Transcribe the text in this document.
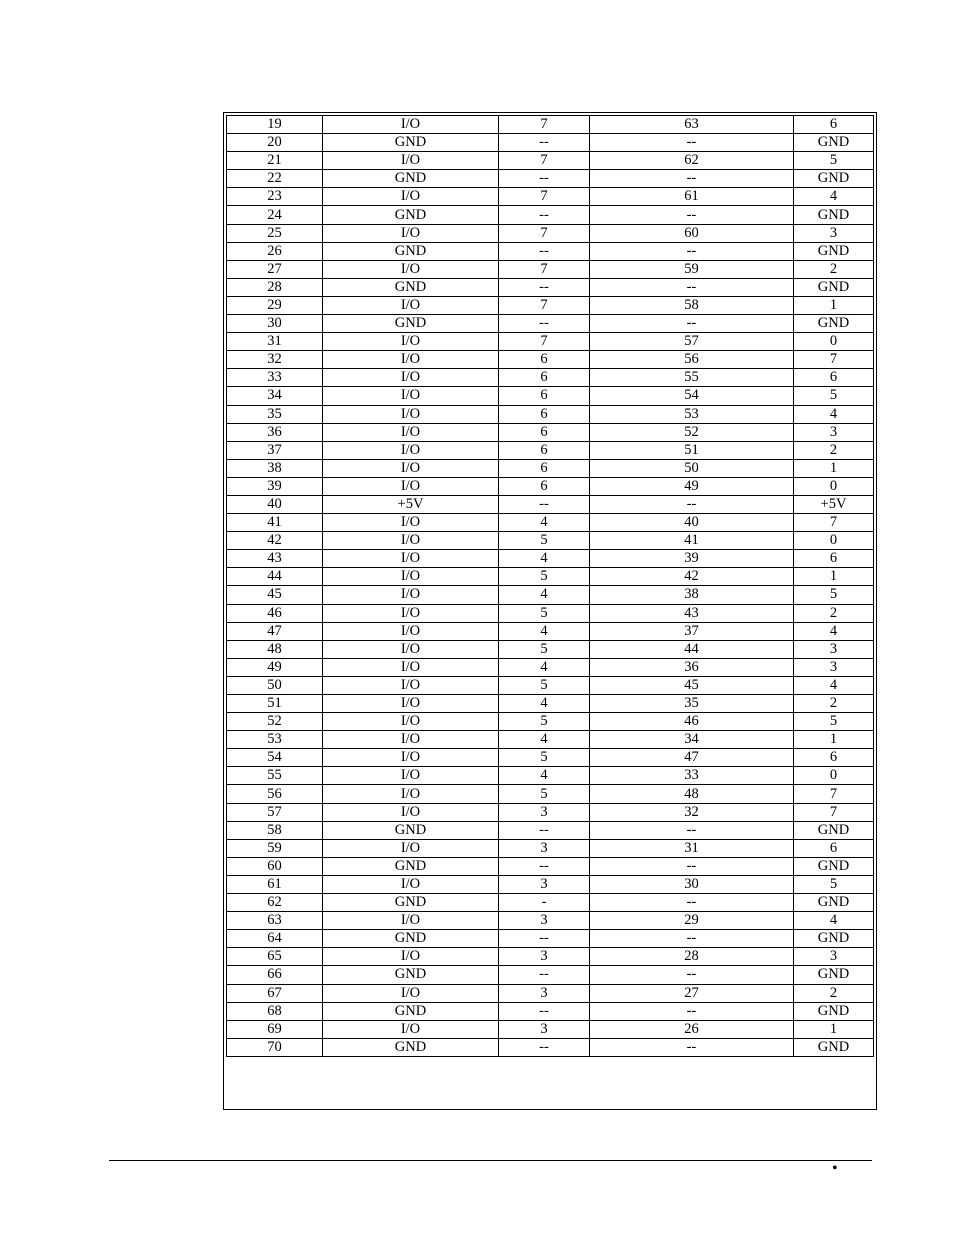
19	I/O	7	63	6
20	GND	--	--	GND
21	I/O	7	62	5
22	GND	--	--	GND
23	I/O	7	61	4
24	GND	--	--	GND
25	I/O	7	60	3
26	GND	--	--	GND
27	I/O	7	59	2
28	GND	--	--	GND
29	I/O	7	58	1
30	GND	--	--	GND
31	I/O	7	57	0
32	I/O	6	56	7
33	I/O	6	55	6
34	I/O	6	54	5
35	I/O	6	53	4
36	I/O	6	52	3
37	I/O	6	51	2
38	I/O	6	50	1
39	I/O	6	49	0
40	+5V	--	--	+5V
41	I/O	4	40	7
42	I/O	5	41	0
43	I/O	4	39	6
44	I/O	5	42	1
45	I/O	4	38	5
46	I/O	5	43	2
47	I/O	4	37	4
48	I/O	5	44	3
49	I/O	4	36	3
50	I/O	5	45	4
51	I/O	4	35	2
52	I/O	5	46	5
53	I/O	4	34	1
54	I/O	5	47	6
55	I/O	4	33	0
56	I/O	5	48	7
57	I/O	3	32	7
58	GND	--	--	GND
59	I/O	3	31	6
60	GND	--	--	GND
61	I/O	3	30	5
62	GND	-	--	GND
63	I/O	3	29	4
64	GND	--	--	GND
65	I/O	3	28	3
66	GND	--	--	GND
67	I/O	3	27	2
68	GND	--	--	GND
69	I/O	3	26	1
70	GND	--	--	GND
•
